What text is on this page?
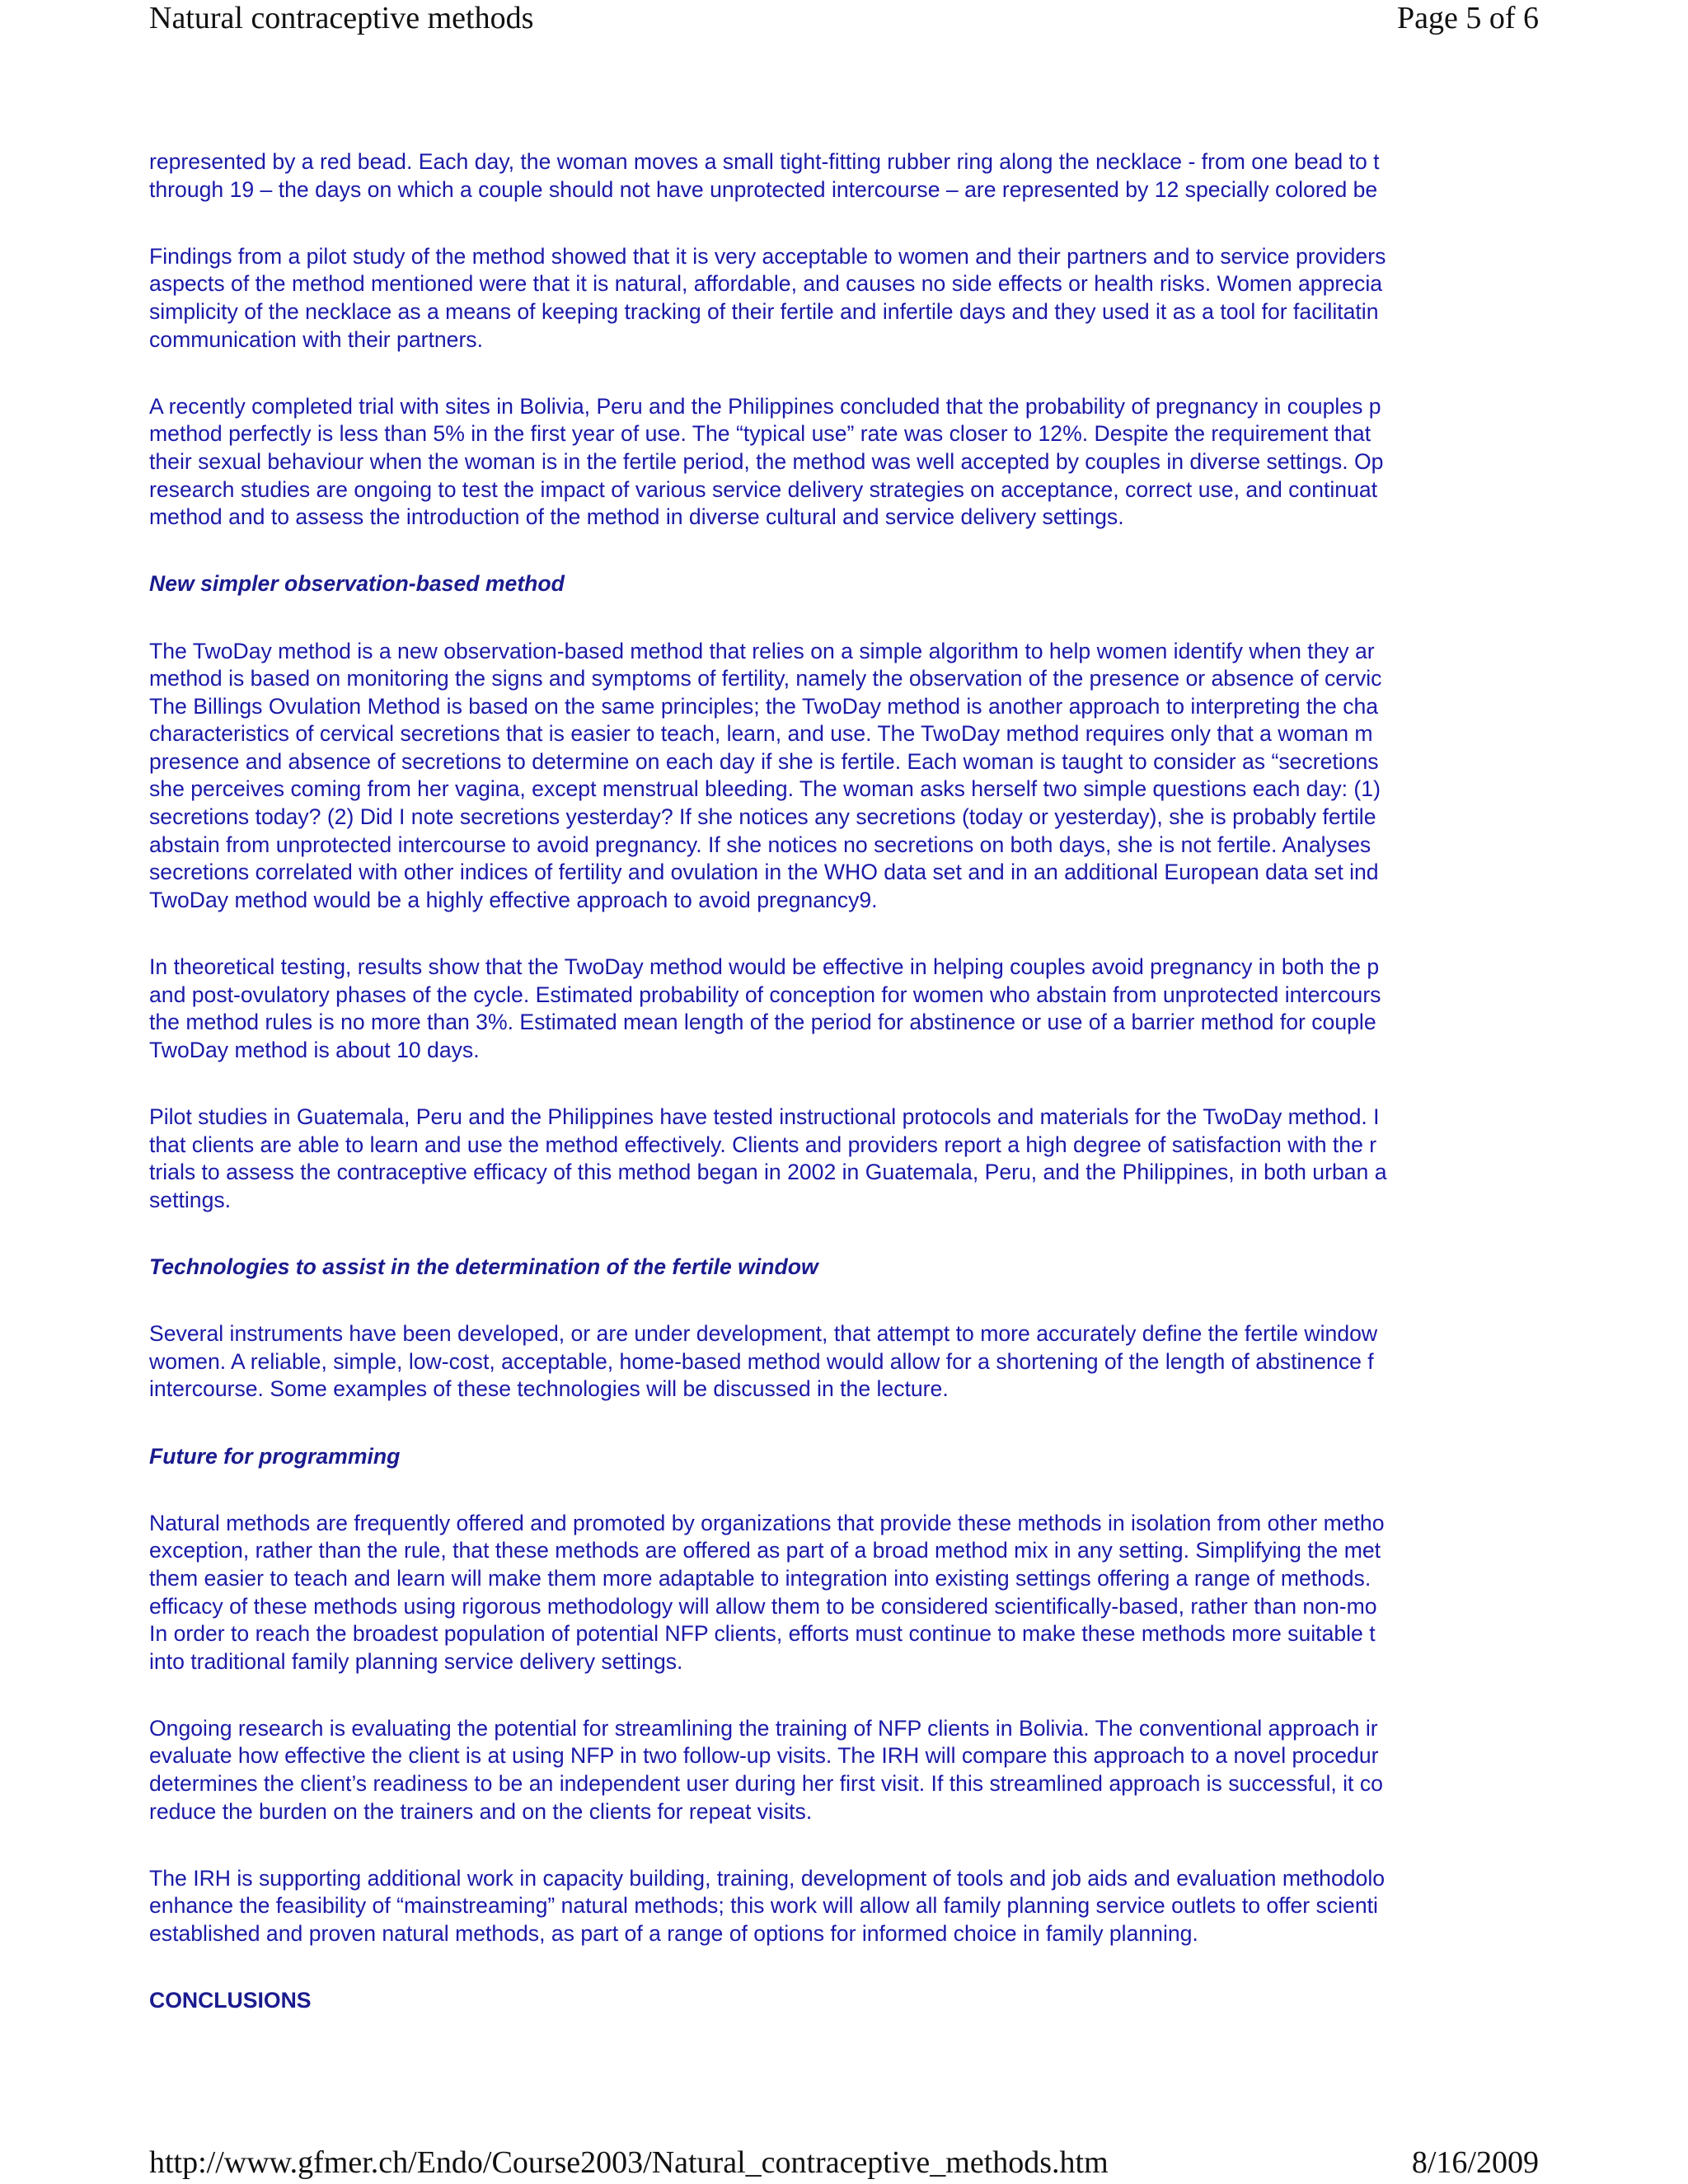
Natural contraceptive methods	Page 5 of 6
represented by a red bead. Each day, the woman moves a small tight-fitting rubber ring along the necklace - from one bead to t
through 19 – the days on which a couple should not have unprotected intercourse – are represented by 12 specially colored be
Findings from a pilot study of the method showed that it is very acceptable to women and their partners and to service providers
aspects of the method mentioned were that it is natural, affordable, and causes no side effects or health risks. Women apprecia
simplicity of the necklace as a means of keeping tracking of their fertile and infertile days and they used it as a tool for facilitatin
communication with their partners.
A recently completed trial with sites in Bolivia, Peru and the Philippines concluded that the probability of pregnancy in couples p
method perfectly is less than 5% in the first year of use. The “typical use” rate was closer to 12%. Despite the requirement that
their sexual behaviour when the woman is in the fertile period, the method was well accepted by couples in diverse settings. Op
research studies are ongoing to test the impact of various service delivery strategies on acceptance, correct use, and continuat
method and to assess the introduction of the method in diverse cultural and service delivery settings.
New simpler observation-based method
The TwoDay method is a new observation-based method that relies on a simple algorithm to help women identify when they ar
method is based on monitoring the signs and symptoms of fertility, namely the observation of the presence or absence of cervic
The Billings Ovulation Method is based on the same principles; the TwoDay method is another approach to interpreting the cha
characteristics of cervical secretions that is easier to teach, learn, and use. The TwoDay method requires only that a woman m
presence and absence of secretions to determine on each day if she is fertile. Each woman is taught to consider as “secretions
she perceives coming from her vagina, except menstrual bleeding. The woman asks herself two simple questions each day: (1)
secretions today? (2) Did I note secretions yesterday? If she notices any secretions (today or yesterday), she is probably fertile
abstain from unprotected intercourse to avoid pregnancy. If she notices no secretions on both days, she is not fertile. Analyses
secretions correlated with other indices of fertility and ovulation in the WHO data set and in an additional European data set ind
TwoDay method would be a highly effective approach to avoid pregnancy9.
In theoretical testing, results show that the TwoDay method would be effective in helping couples avoid pregnancy in both the p
and post-ovulatory phases of the cycle. Estimated probability of conception for women who abstain from unprotected intercours
the method rules is no more than 3%. Estimated mean length of the period for abstinence or use of a barrier method for couple
TwoDay method is about 10 days.
Pilot studies in Guatemala, Peru and the Philippines have tested instructional protocols and materials for the TwoDay method. I
that clients are able to learn and use the method effectively. Clients and providers report a high degree of satisfaction with the r
trials to assess the contraceptive efficacy of this method began in 2002 in Guatemala, Peru, and the Philippines, in both urban a
settings.
Technologies to assist in the determination of the fertile window
Several instruments have been developed, or are under development, that attempt to more accurately define the fertile window
women. A reliable, simple, low-cost, acceptable, home-based method would allow for a shortening of the length of abstinence f
intercourse. Some examples of these technologies will be discussed in the lecture.
Future for programming
Natural methods are frequently offered and promoted by organizations that provide these methods in isolation from other metho
exception, rather than the rule, that these methods are offered as part of a broad method mix in any setting. Simplifying the met
them easier to teach and learn will make them more adaptable to integration into existing settings offering a range of methods.
efficacy of these methods using rigorous methodology will allow them to be considered scientifically-based, rather than non-mo
In order to reach the broadest population of potential NFP clients, efforts must continue to make these methods more suitable t
into traditional family planning service delivery settings.
Ongoing research is evaluating the potential for streamlining the training of NFP clients in Bolivia. The conventional approach ir
evaluate how effective the client is at using NFP in two follow-up visits. The IRH will compare this approach to a novel procedur
determines the client’s readiness to be an independent user during her first visit. If this streamlined approach is successful, it co
reduce the burden on the trainers and on the clients for repeat visits.
The IRH is supporting additional work in capacity building, training, development of tools and job aids and evaluation methodolo
enhance the feasibility of “mainstreaming” natural methods; this work will allow all family planning service outlets to offer scienti
established and proven natural methods, as part of a range of options for informed choice in family planning.
CONCLUSIONS
http://www.gfmer.ch/Endo/Course2003/Natural_contraceptive_methods.htm	8/16/2009
